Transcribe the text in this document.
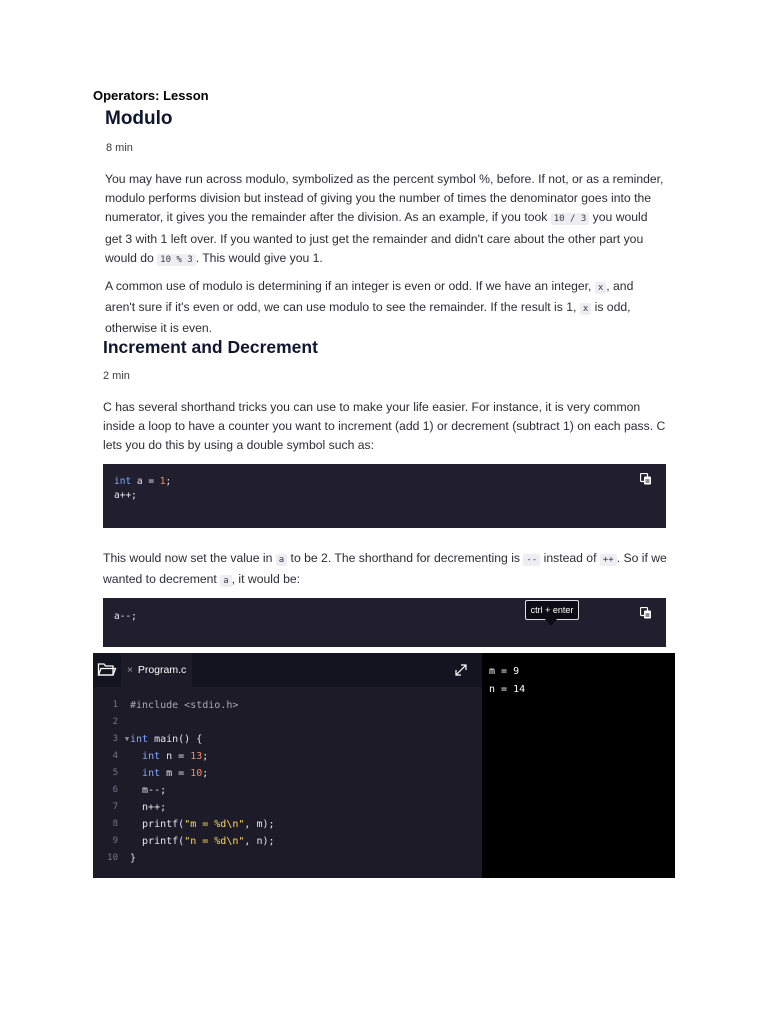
Operators: Lesson
Modulo
8 min

You may have run across modulo, symbolized as the percent symbol %, before. If not, or as a reminder, modulo performs division but instead of giving you the number of times the denominator goes into the numerator, it gives you the remainder after the division. As an example, if you took 10 / 3 you would get 3 with 1 left over. If you wanted to just get the remainder and didn't care about the other part you would do 10 % 3 . This would give you 1.

A common use of modulo is determining if an integer is even or odd. If we have an integer, x , and aren't sure if it's even or odd, we can use modulo to see the remainder. If the result is 1, x is odd, otherwise it is even.

Increment and Decrement
2 min

C has several shorthand tricks you can use to make your life easier. For instance, it is very common inside a loop to have a counter you want to increment (add 1) or decrement (subtract 1) on each pass. C lets you do this by using a double symbol such as:

int a = 1;
a++;

This would now set the value in a to be 2. The shorthand for decrementing is -- instead of ++ . So if we wanted to decrement a , it would be:

a--;
ctrl + enter
× Program.c
1
#include <stdio.h>
2

3 ▼ int main() {
4
	int n = 13;
5
	int m = 10;
6
m--;
7
n++;
8
printf("m = %d\n", m);
9
printf("n = %d\n", n);
10
}
m = 9
n = 14
